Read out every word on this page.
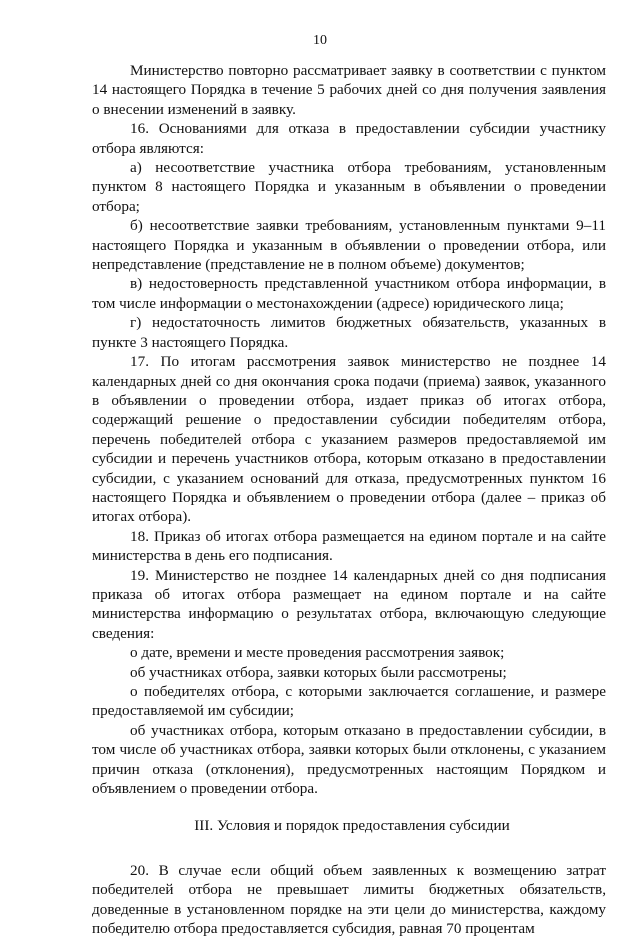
10

Министерство повторно рассматривает заявку в соответствии с пунктом 14 настоящего Порядка в течение 5 рабочих дней со дня получения заявления о внесении изменений в заявку.

16. Основаниями для отказа в предоставлении субсидии участнику отбора являются:

а) несоответствие участника отбора требованиям, установленным пунктом 8 настоящего Порядка и указанным в объявлении о проведении отбора;

б) несоответствие заявки требованиям, установленным пунктами 9–11 настоящего Порядка и указанным в объявлении о проведении отбора, или непредставление (представление не в полном объеме) документов;

в) недостоверность представленной участником отбора информации, в том числе информации о местонахождении (адресе) юридического лица;

г) недостаточность лимитов бюджетных обязательств, указанных в пункте 3 настоящего Порядка.

17. По итогам рассмотрения заявок министерство не позднее 14 календарных дней со дня окончания срока подачи (приема) заявок, указанного в объявлении о проведении отбора, издает приказ об итогах отбора, содержащий решение о предоставлении субсидии победителям отбора, перечень победителей отбора с указанием размеров предоставляемой им субсидии и перечень участников отбора, которым отказано в предоставлении субсидии, с указанием оснований для отказа, предусмотренных пунктом 16 настоящего Порядка и объявлением о проведении отбора (далее – приказ об итогах отбора).

18. Приказ об итогах отбора размещается на едином портале и на сайте министерства в день его подписания.

19. Министерство не позднее 14 календарных дней со дня подписания приказа об итогах отбора размещает на едином портале и на сайте министерства информацию о результатах отбора, включающую следующие сведения:

о дате, времени и месте проведения рассмотрения заявок;

об участниках отбора, заявки которых были рассмотрены;

о победителях отбора, с которыми заключается соглашение, и размере предоставляемой им субсидии;

об участниках отбора, которым отказано в предоставлении субсидии, в том числе об участниках отбора, заявки которых были отклонены, с указанием причин отказа (отклонения), предусмотренных настоящим Порядком и объявлением о проведении отбора.

III. Условия и порядок предоставления субсидии

20. В случае если общий объем заявленных к возмещению затрат победителей отбора не превышает лимиты бюджетных обязательств, доведенные в установленном порядке на эти цели до министерства, каждому победителю отбора предоставляется субсидия, равная 70 процентам
